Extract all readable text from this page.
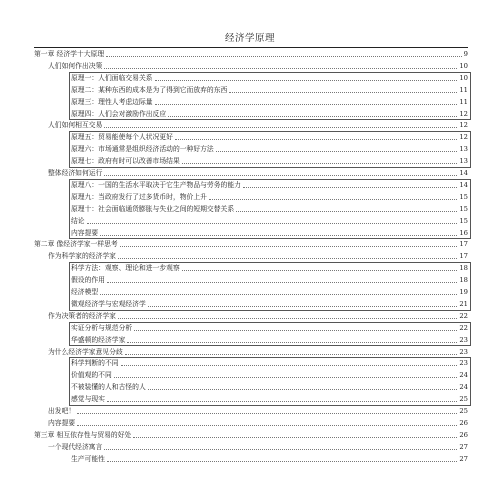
经济学原理
第一章 经济学十大原理	9
人们如何作出决策	10
原理一：人们面临交易关系	10
原理二：某种东西的成本是为了得到它而放弃的东西	11
原理三：理性人考虑边际量	11
原理四：人们会对激励作出反应	12
人们如何相互交易	12
原理五：贸易能使每个人状况更好	12
原理六：市场通常是组织经济活动的一种好方法	13
原理七：政府有时可以改善市场结果	13
整体经济如何运行	14
原理八：一国的生活水平取决于它生产物品与劳务的能力	14
原理九：当政府发行了过多货币时，物价上升	15
原理十：社会面临通货膨胀与失业之间的短期交替关系	15
结论	15
内容提要	16
第二章 像经济学家一样思考	17
作为科学家的经济学家	17
科学方法：观察、理论和进一步观察	18
假设的作用	18
经济模型	19
微观经济学与宏观经济学	21
作为决策者的经济学家	22
实证分析与规范分析	22
华盛顿的经济学家	23
为什么经济学家意见分歧	23
科学判断的不同	23
价值观的不同	24
不被装懂的人和古怪的人	24
感觉与现实	25
出发吧！	25
内容提要	26
第三章 相互依存性与贸易的好处	26
一个现代经济寓言	27
生产可能性	27
